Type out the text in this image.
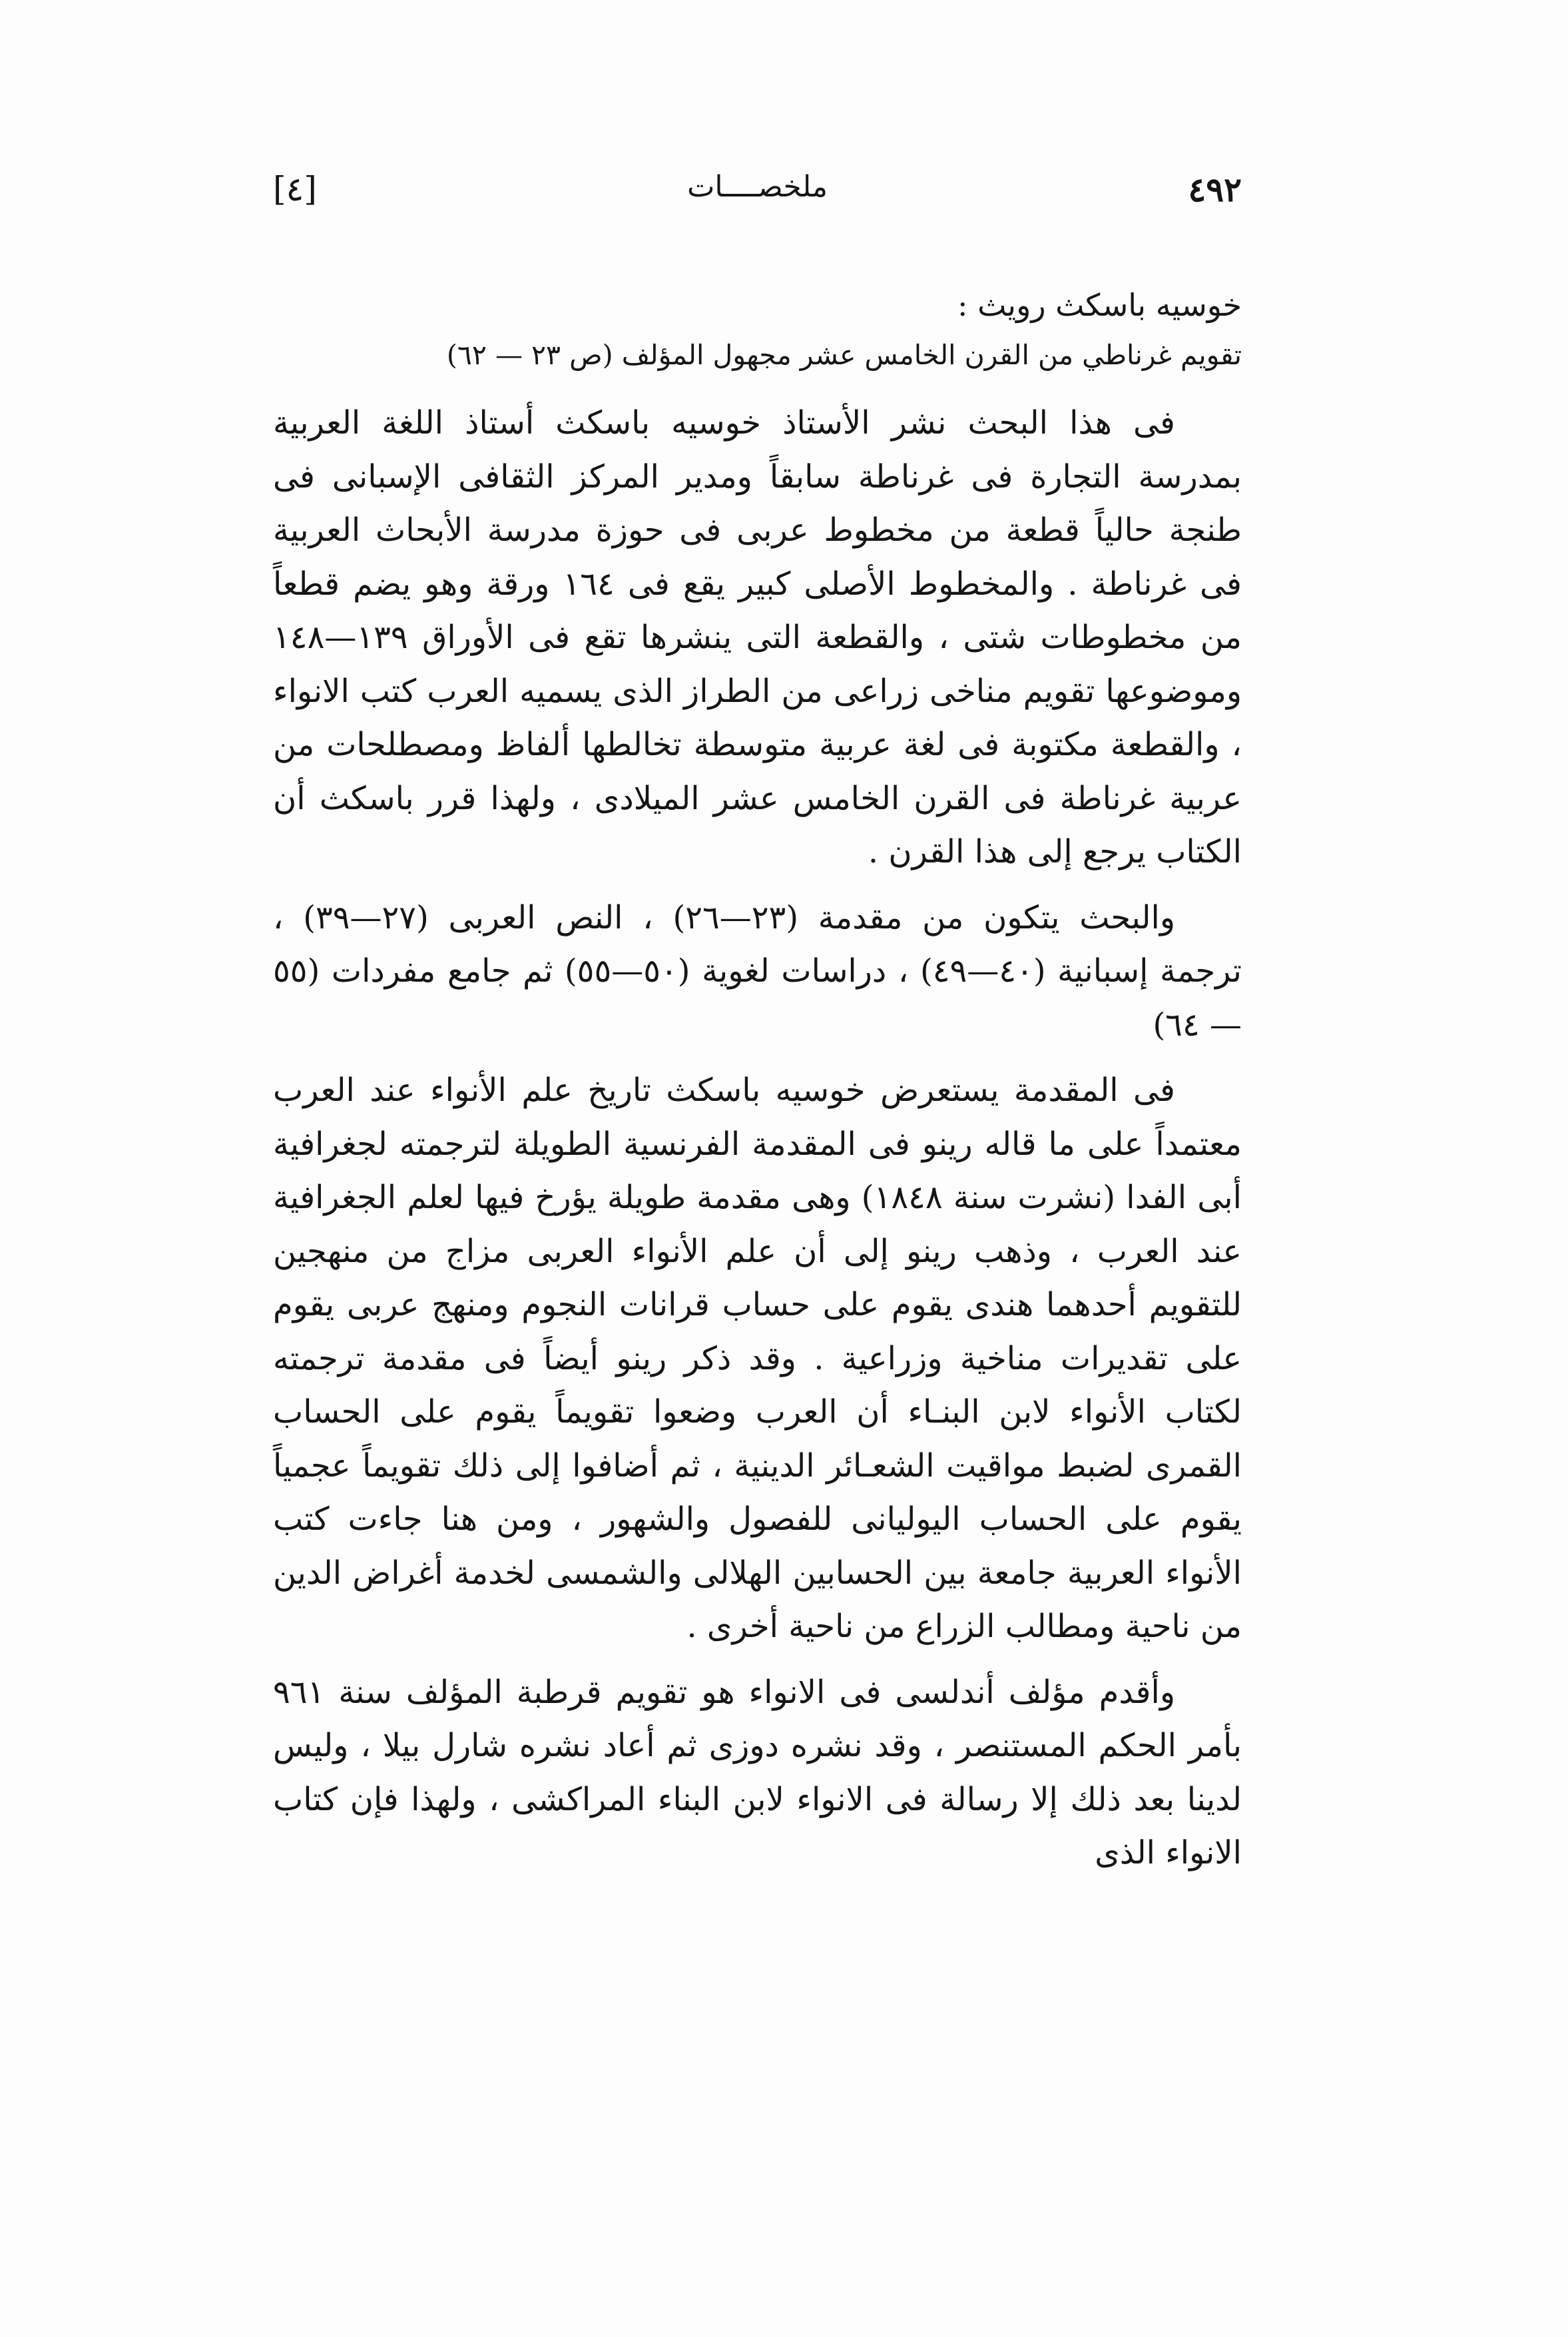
٤٩٢
ملخصــــات
[٤]
خوسيه باسكث رويث :
تقويم غرناطي من القرن الخامس عشر مجهول المؤلف (ص ٢٣ — ٦٢)

فى هذا البحث نشر الأستاذ خوسيه باسكث أستاذ اللغة العربية بمدرسة التجارة فى غرناطة سابقاً ومدير المركز الثقافى الإسبانى فى طنجة حالياً قطعة من مخطوط عربى فى حوزة مدرسة الأبحاث العربية فى غرناطة . والمخطوط الأصلى كبير يقع فى ١٦٤ ورقة وهو يضم قطعاً من مخطوطات شتى ، والقطعة التى ينشرها تقع فى الأوراق ١٣٩—١٤٨ وموضوعها تقويم مناخى زراعى من الطراز الذى يسميه العرب كتب الانواء ، والقطعة مكتوبة فى لغة عربية متوسطة تخالطها ألفاظ ومصطلحات من عربية غرناطة فى القرن الخامس عشر الميلادى ، ولهذا قرر باسكث أن الكتاب يرجع إلى هذا القرن .

والبحث يتكون من مقدمة (٢٣—٢٦) ، النص العربى (٢٧—٣٩) ، ترجمة إسبانية (٤٠—٤٩) ، دراسات لغوية (٥٠—٥٥) ثم جامع مفردات (٥٥— ٦٤)

فى المقدمة يستعرض خوسيه باسكث تاريخ علم الأنواء عند العرب معتمداً على ما قاله رينو فى المقدمة الفرنسية الطويلة لترجمته لجغرافية أبى الفدا (نشرت سنة ١٨٤٨) وهى مقدمة طويلة يؤرخ فيها لعلم الجغرافية عند العرب ، وذهب رينو إلى أن علم الأنواء العربى مزاج من منهجين للتقويم أحدهما هندى يقوم على حساب قرانات النجوم ومنهج عربى يقوم على تقديرات مناخية وزراعية . وقد ذكر رينو أيضاً فى مقدمة ترجمته لكتاب الأنواء لابن البنـاء أن العرب وضعوا تقويماً يقوم على الحساب القمرى لضبط مواقيت الشعـائر الدينية ، ثم أضافوا إلى ذلك تقويماً عجمياً يقوم على الحساب اليوليانى للفصول والشهور ، ومن هنا جاءت كتب الأنواء العربية جامعة بين الحسابين الهلالى والشمسى لخدمة أغراض الدين من ناحية ومطالب الزراع من ناحية أخرى .

وأقدم مؤلف أندلسى فى الانواء هو تقويم قرطبة المؤلف سنة ٩٦١ بأمر الحكم المستنصر ، وقد نشره دوزى ثم أعاد نشره شارل بيلا ، وليس لدينا بعد ذلك إلا رسالة فى الانواء لابن البناء المراكشى ، ولهذا فإن كتاب الانواء الذى
